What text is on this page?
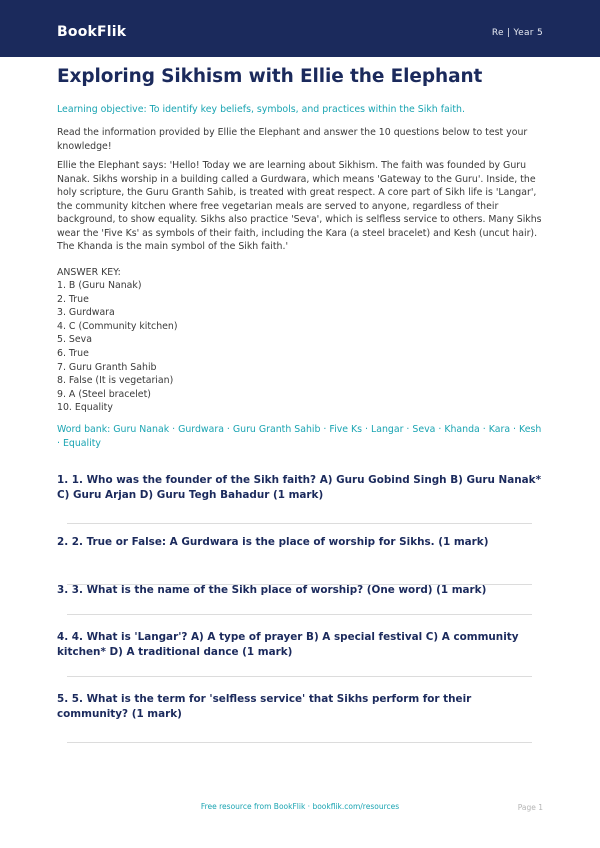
BookFlik	Re | Year 5
Exploring Sikhism with Ellie the Elephant
Learning objective: To identify key beliefs, symbols, and practices within the Sikh faith.
Read the information provided by Ellie the Elephant and answer the 10 questions below to test your knowledge!
Ellie the Elephant says: 'Hello! Today we are learning about Sikhism. The faith was founded by Guru Nanak. Sikhs worship in a building called a Gurdwara, which means 'Gateway to the Guru'. Inside, the holy scripture, the Guru Granth Sahib, is treated with great respect. A core part of Sikh life is 'Langar', the community kitchen where free vegetarian meals are served to anyone, regardless of their background, to show equality. Sikhs also practice 'Seva', which is selfless service to others. Many Sikhs wear the 'Five Ks' as symbols of their faith, including the Kara (a steel bracelet) and Kesh (uncut hair). The Khanda is the main symbol of the Sikh faith.'
ANSWER KEY:
1. B (Guru Nanak)
2. True
3. Gurdwara
4. C (Community kitchen)
5. Seva
6. True
7. Guru Granth Sahib
8. False (It is vegetarian)
9. A (Steel bracelet)
10. Equality
Word bank: Guru Nanak · Gurdwara · Guru Granth Sahib · Five Ks · Langar · Seva · Khanda · Kara · Kesh · Equality
1. 1. Who was the founder of the Sikh faith? A) Guru Gobind Singh B) Guru Nanak* C) Guru Arjan D) Guru Tegh Bahadur (1 mark)
2. 2. True or False: A Gurdwara is the place of worship for Sikhs. (1 mark)
3. 3. What is the name of the Sikh place of worship? (One word) (1 mark)
4. 4. What is 'Langar'? A) A type of prayer B) A special festival C) A community kitchen* D) A traditional dance (1 mark)
5. 5. What is the term for 'selfless service' that Sikhs perform for their community? (1 mark)
Free resource from BookFlik · bookflik.com/resources	Page 1
